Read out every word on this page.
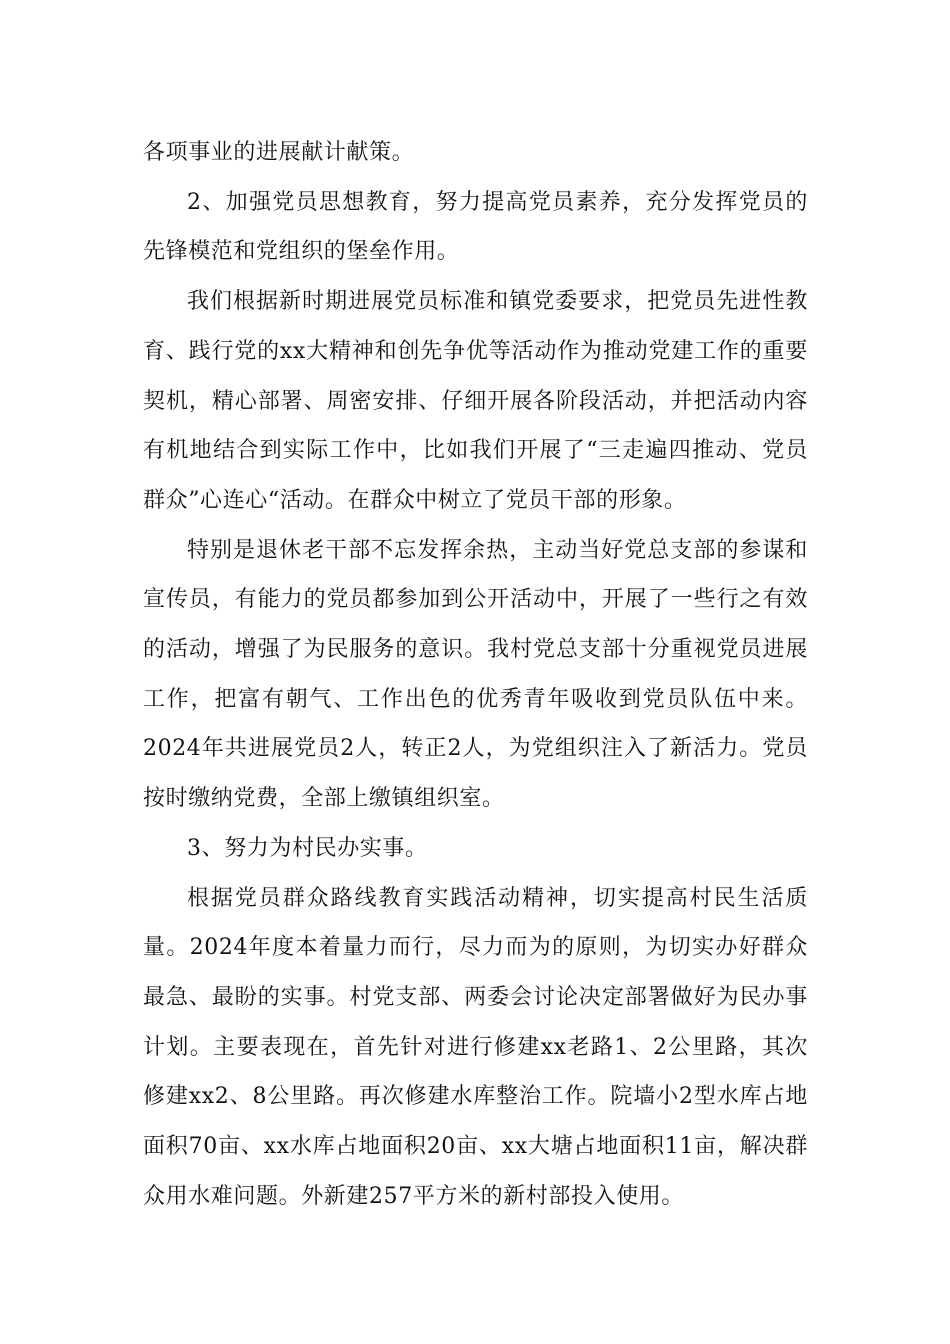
各项事业的进展献计献策。

2、加强党员思想教育，努力提高党员素养，充分发挥党员的先锋模范和党组织的堡垒作用。

我们根据新时期进展党员标准和镇党委要求，把党员先进性教育、践行党的xx大精神和创先争优等活动作为推动党建工作的重要契机，精心部署、周密安排、仔细开展各阶段活动，并把活动内容有机地结合到实际工作中，比如我们开展了“三走遍四推动、党员群众”心连心“活动。在群众中树立了党员干部的形象。

特别是退休老干部不忘发挥余热，主动当好党总支部的参谋和宣传员，有能力的党员都参加到公开活动中，开展了一些行之有效的活动，增强了为民服务的意识。我村党总支部十分重视党员进展工作，把富有朝气、工作出色的优秀青年吸收到党员队伍中来。2024年共进展党员2人，转正2人，为党组织注入了新活力。党员按时缴纳党费，全部上缴镇组织室。

3、努力为村民办实事。

根据党员群众路线教育实践活动精神，切实提高村民生活质量。2024年度本着量力而行，尽力而为的原则，为切实办好群众最急、最盼的实事。村党支部、两委会讨论决定部署做好为民办事计划。主要表现在，首先针对进行修建xx老路1、2公里路，其次修建xx2、8公里路。再次修建水库整治工作。院墙小2型水库占地面积70亩、xx水库占地面积20亩、xx大塘占地面积11亩，解决群众用水难问题。外新建257平方米的新村部投入使用。
